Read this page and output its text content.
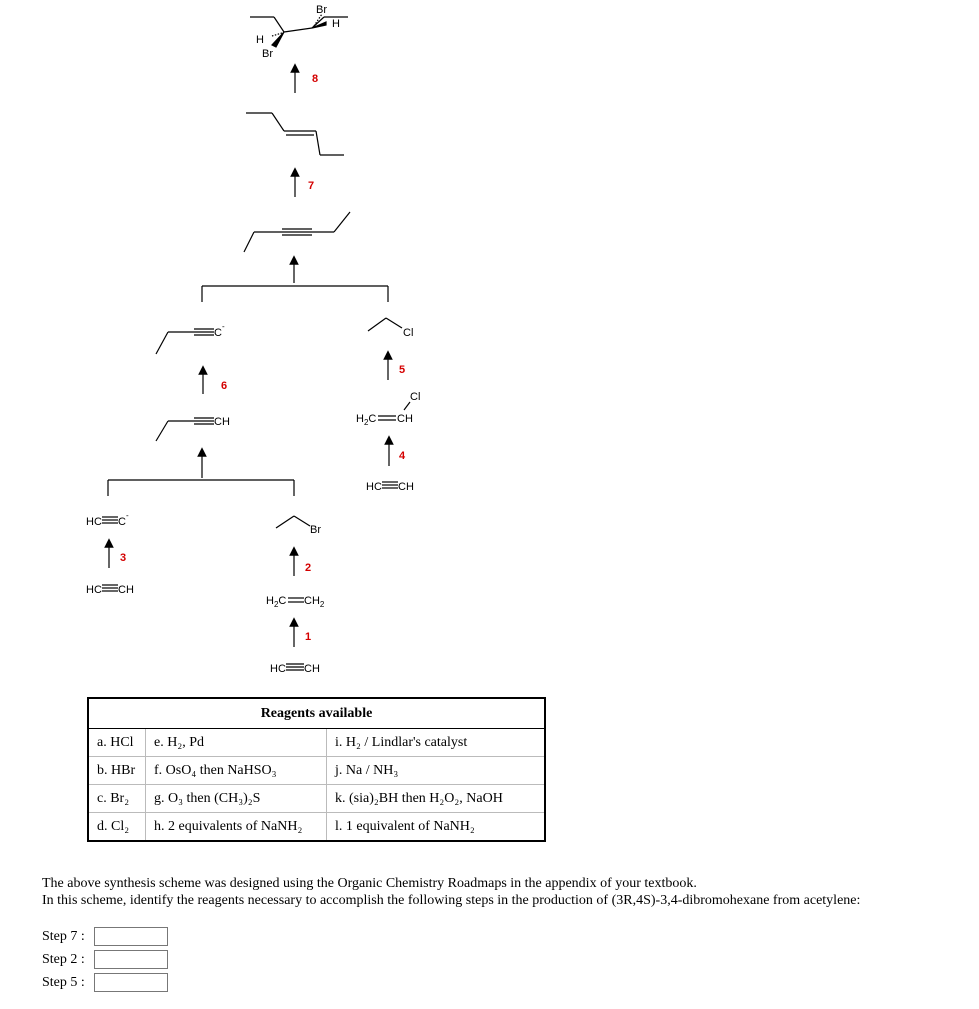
Br
H
H
Br
8
7
C
-
6
CH
Cl
5
$H_2C$ CH
Cl
4
HC CH
HC C
-
3
HC CH
Br
2
$H_2C$ $CH_2$
1
HC CH
Reagents available		
a. HCl	e. H₂, Pd	i. H₂ / Lindlar's catalyst
b. HBr	f. OsO₄ then NaHSO₃	j. Na / NH₃
c. Br₂	g. O₃ then (CH₃)₂S	k. (sia)₂BH then H₂O₂, NaOH
d. Cl₂	h. 2 equivalents of NaNH₂	l. 1 equivalent of NaNH₂
The above synthesis scheme was designed using the Organic Chemistry Roadmaps in the appendix of your textbook.
In this scheme, identify the reagents necessary to accomplish the following steps in the production of (3R,4S)-3,4-dibromohexane from acetylene:
Step 7 :
Step 2 :
Step 5 :
